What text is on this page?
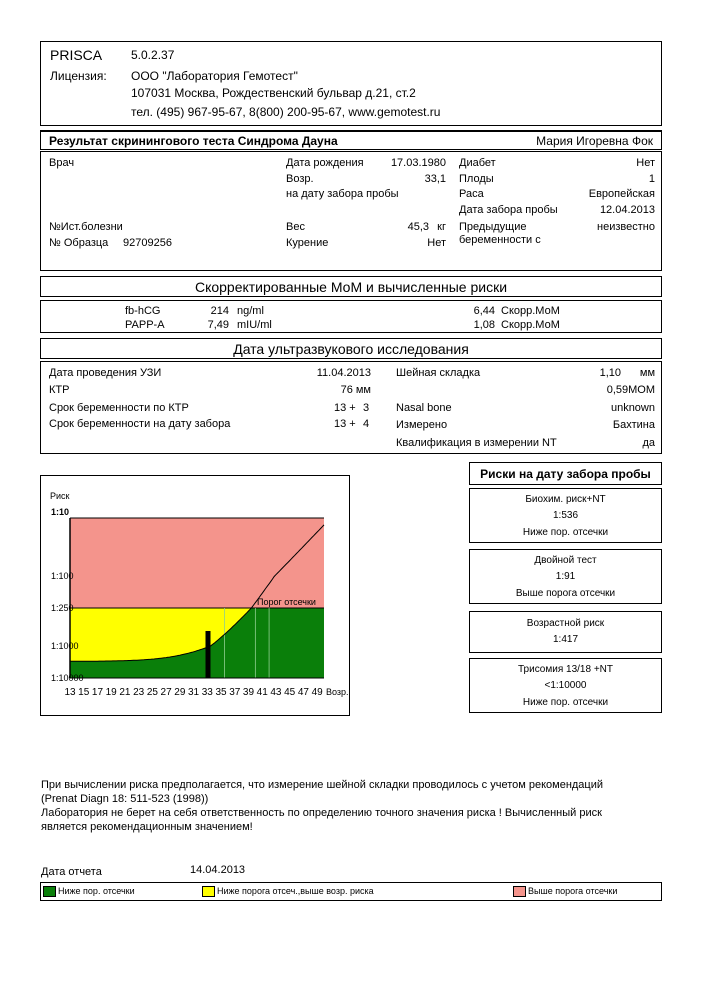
PRISCA 5.0.2.37
Лицензия: ООО "Лаборатория Гемотест"
107031 Москва, Рождественский бульвар д.21, ст.2
тел. (495) 967-95-67, 8(800) 200-95-67, www.gemotest.ru
Результат скринингового теста Синдрома Дауна	Мария Игоревна Фок
Врач
№Ист.болезни
№ Образца 92709256
Дата рождения 17.03.1980
Возр.	33,1
на дату забора пробы
Вес	45,3 кг
Курение	Нет
Диабет	Нет
Плоды	1
Раса	Европейская
Дата забора пробы	12.04.2013
Предыдущие
беременности с
неизвестно
Скорректированные МоМ и вычисленные риски
fb-hCG	214 ng/ml	6,44 Скорр.МоМ
PAPP-A	7,49 mIU/ml	1,08 Скорр.МоМ
Дата ультразвукового исследования
Дата проведения УЗИ	11.04.2013
КТР	76 мм
Срок беременности по КТР	13 + 3
Срок беременности на дату забора	13 + 4
Шейная складка	1,10 мм
0,59МОМ
Nasal bone	unknown
Измерено	Бахтина
Квалификация в измерении NT	да
Риск
1:10
1:100
1:250
1:1000
1:10000
13 15 17 19 21 23 25 27 29 31 33 35 37 39 41 43 45 47 49
Порог отсечки
Возр.
Риски на дату забора пробы
Биохим. риск+NT
1:536
Ниже пор. отсечки
Двойной тест
1:91
Выше порога отсечки
Возрастной риск
1:417
Трисомия 13/18 +NT
<1:10000
Ниже пор. отсечки
При вычислении риска предполагается, что измерение шейной складки проводилось с учетом рекомендаций
(Prenat Diagn 18: 511-523 (1998))
Лаборатория не берет на себя ответственность по определению точного значения риска ! Вычисленный риск
является рекомендационным значением!
Дата отчета	14.04.2013
Ниже пор. отсечки	Ниже порога отсеч.,выше возр. риска	Выше порога отсечки
